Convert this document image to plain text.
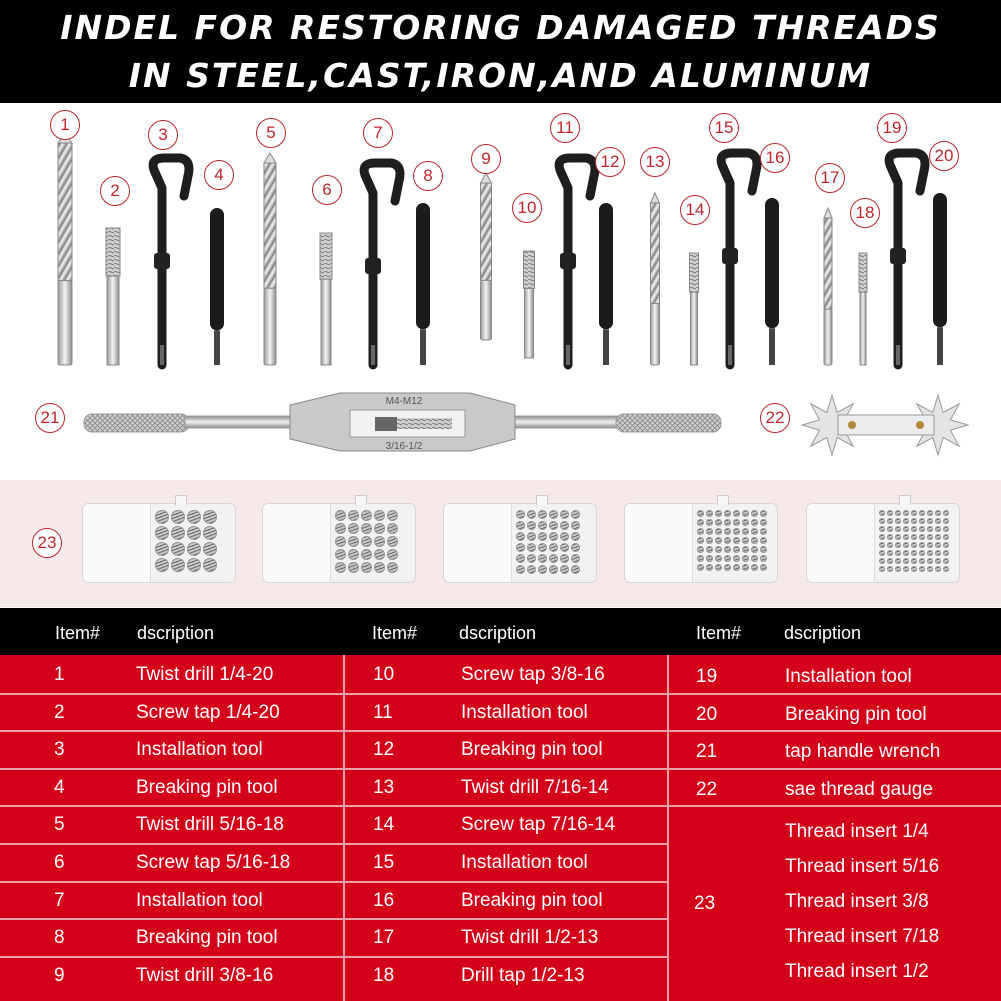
INDEL FOR RESTORING DAMAGED THREADS
IN STEEL,CAST,IRON,AND ALUMINUM
M4-M12
3/16-1/2
1
2
3
4
5
6
7
8
9
10
11
12	13
14
15
16
17
18
19
20
21	22
23
Item# dscription	Item# dscription	Item# dscription
1	Twist drill 1/4-20
2	Screw tap 1/4-20
3	Installation tool
4	Breaking pin tool
5	Twist drill 5/16-18
6	Screw tap 5/16-18
7	Installation tool
8	Breaking pin tool
9	Twist drill 3/8-16
10	Screw tap 3/8-16
11	Installation tool
12	Breaking pin tool
13	Twist drill 7/16-14
14	Screw tap 7/16-14
15	Installation tool
16	Breaking pin tool
17	Twist drill 1/2-13
18	Drill tap 1/2-13
19	Installation tool
20	Breaking pin tool
21	tap handle wrench
22	sae thread gauge
23
Thread insert 1/4
Thread insert 5/16
Thread insert 3/8
Thread insert 7/18
Thread insert 1/2
